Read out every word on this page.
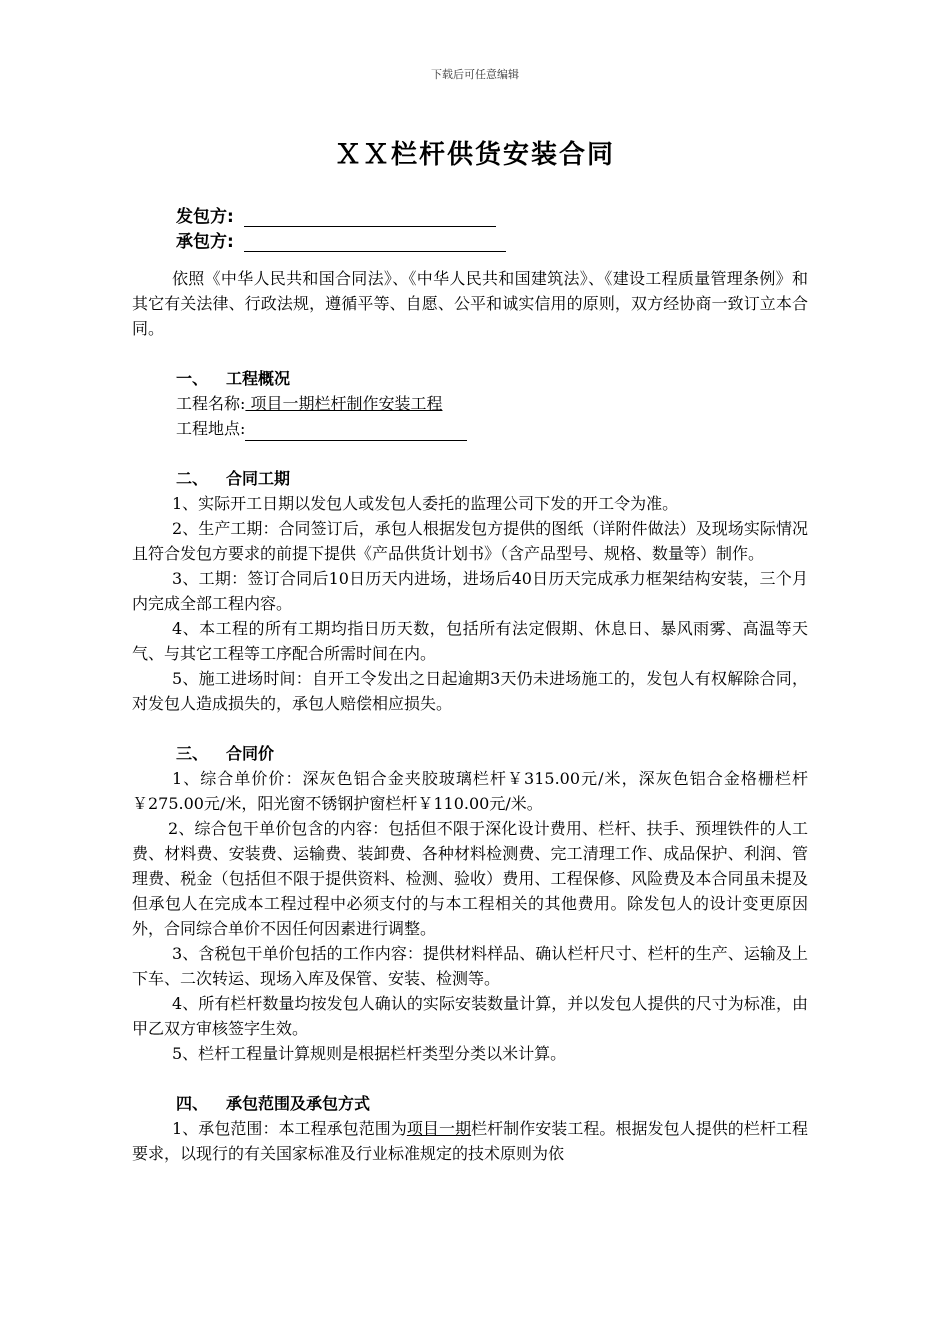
下载后可任意编辑
ＸＸ栏杆供货安装合同
发包方:
承包方:

依照《中华人民共和国合同法》、《中华人民共和国建筑法》、《建设工程质量管理条例》和其它有关法律、行政法规，遵循平等、自愿、公平和诚实信用的原则，双方经协商一致订立本合同。

一、 工程概况
工程名称: 项目一期栏杆制作安装工程
工程地点:
二、 合同工期

1、实际开工日期以发包人或发包人委托的监理公司下发的开工令为准。

2、生产工期：合同签订后，承包人根据发包方提供的图纸（详附件做法）及现场实际情况且符合发包方要求的前提下提供《产品供货计划书》（含产品型号、规格、数量等）制作。

3、工期：签订合同后10日历天内进场，进场后40日历天完成承力框架结构安装，三个月内完成全部工程内容。

4、本工程的所有工期均指日历天数，包括所有法定假期、休息日、暴风雨雾、高温等天气、与其它工程等工序配合所需时间在内。

5、施工进场时间：自开工令发出之日起逾期3天仍未进场施工的，发包人有权解除合同，对发包人造成损失的，承包人赔偿相应损失。

三、 合同价

1、综合单价价：深灰色铝合金夹胶玻璃栏杆￥315.00元/米，深灰色铝合金格栅栏杆￥275.00元/米，阳光窗不锈钢护窗栏杆￥110.00元/米。

2、综合包干单价包含的内容：包括但不限于深化设计费用、栏杆、扶手、预埋铁件的人工费、材料费、安装费、运输费、装卸费、各种材料检测费、完工清理工作、成品保护、利润、管理费、税金（包括但不限于提供资料、检测、验收）费用、工程保修、风险费及本合同虽未提及但承包人在完成本工程过程中必须支付的与本工程相关的其他费用。除发包人的设计变更原因外，合同综合单价不因任何因素进行调整。

3、含税包干单价包括的工作内容：提供材料样品、确认栏杆尺寸、栏杆的生产、运输及上下车、二次转运、现场入库及保管、安装、检测等。

4、所有栏杆数量均按发包人确认的实际安装数量计算，并以发包人提供的尺寸为标准，由甲乙双方审核签字生效。

5、栏杆工程量计算规则是根据栏杆类型分类以米计算。

四、 承包范围及承包方式

1、承包范围：本工程承包范围为项目一期栏杆制作安装工程。根据发包人提供的栏杆工程要求，以现行的有关国家标准及行业标准规定的技术原则为依
